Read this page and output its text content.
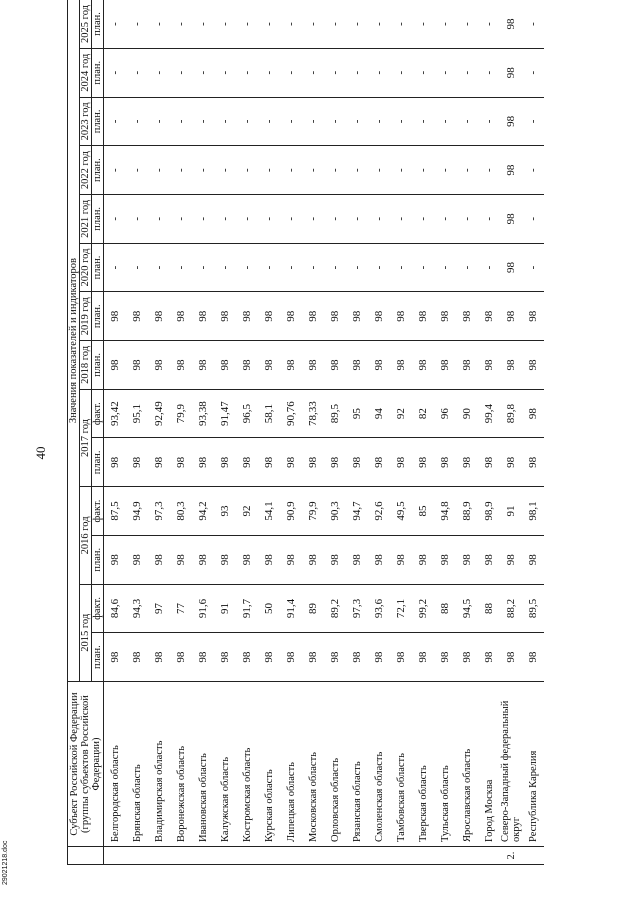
40
	Субъект Российской Федерации (группы субъектов Российской Федерации)	Значения показателей и индикаторов													
		2015 год		2016 год		2017 год		2018 год	2019 год	2020 год	2021 год	2022 год	2023 год	2024 год	2025 год
		план.	факт.	план.	факт.	план.	факт.	план.	план.	план.	план.	план.	план.	план.	план.
	Белгородская область	98	84,6	98	87,5	98	93,42	98	98	-	-	-	-	-	-
	Брянская область	98	94,3	98	94,9	98	95,1	98	98	-	-	-	-	-	-
	Владимирская область	98	97	98	97,3	98	92,49	98	98	-	-	-	-	-	-
	Воронежская область	98	77	98	80,3	98	79,9	98	98	-	-	-	-	-	-
	Ивановская область	98	91,6	98	94,2	98	93,38	98	98	-	-	-	-	-	-
	Калужская область	98	91	98	93	98	91,47	98	98	-	-	-	-	-	-
	Костромская область	98	91,7	98	92	98	96,5	98	98	-	-	-	-	-	-
	Курская область	98	50	98	54,1	98	58,1	98	98	-	-	-	-	-	-
	Липецкая область	98	91,4	98	90,9	98	90,76	98	98	-	-	-	-	-	-
	Московская область	98	89	98	79,9	98	78,33	98	98	-	-	-	-	-	-
	Орловская область	98	89,2	98	90,3	98	89,5	98	98	-	-	-	-	-	-
	Рязанская область	98	97,3	98	94,7	98	95	98	98	-	-	-	-	-	-
	Смоленская область	98	93,6	98	92,6	98	94	98	98	-	-	-	-	-	-
	Тамбовская область	98	72,1	98	49,5	98	92	98	98	-	-	-	-	-	-
	Тверская область	98	99,2	98	85	98	82	98	98	-	-	-	-	-	-
	Тульская область	98	88	98	94,8	98	96	98	98	-	-	-	-	-	-
	Ярославская область	98	94,5	98	88,9	98	90	98	98	-	-	-	-	-	-
	Город Москва	98	88	98	98,9	98	99,4	98	98	-	-	-	-	-	-
2.	Северо-Западный федеральный округ	98	88,2	98	91	98	89,8	98	98	98	98	98	98	98	98
	Республика Карелия	98	89,5	98	98,1	98	98	98	98	-	-	-	-	-	-
29021218.doc
